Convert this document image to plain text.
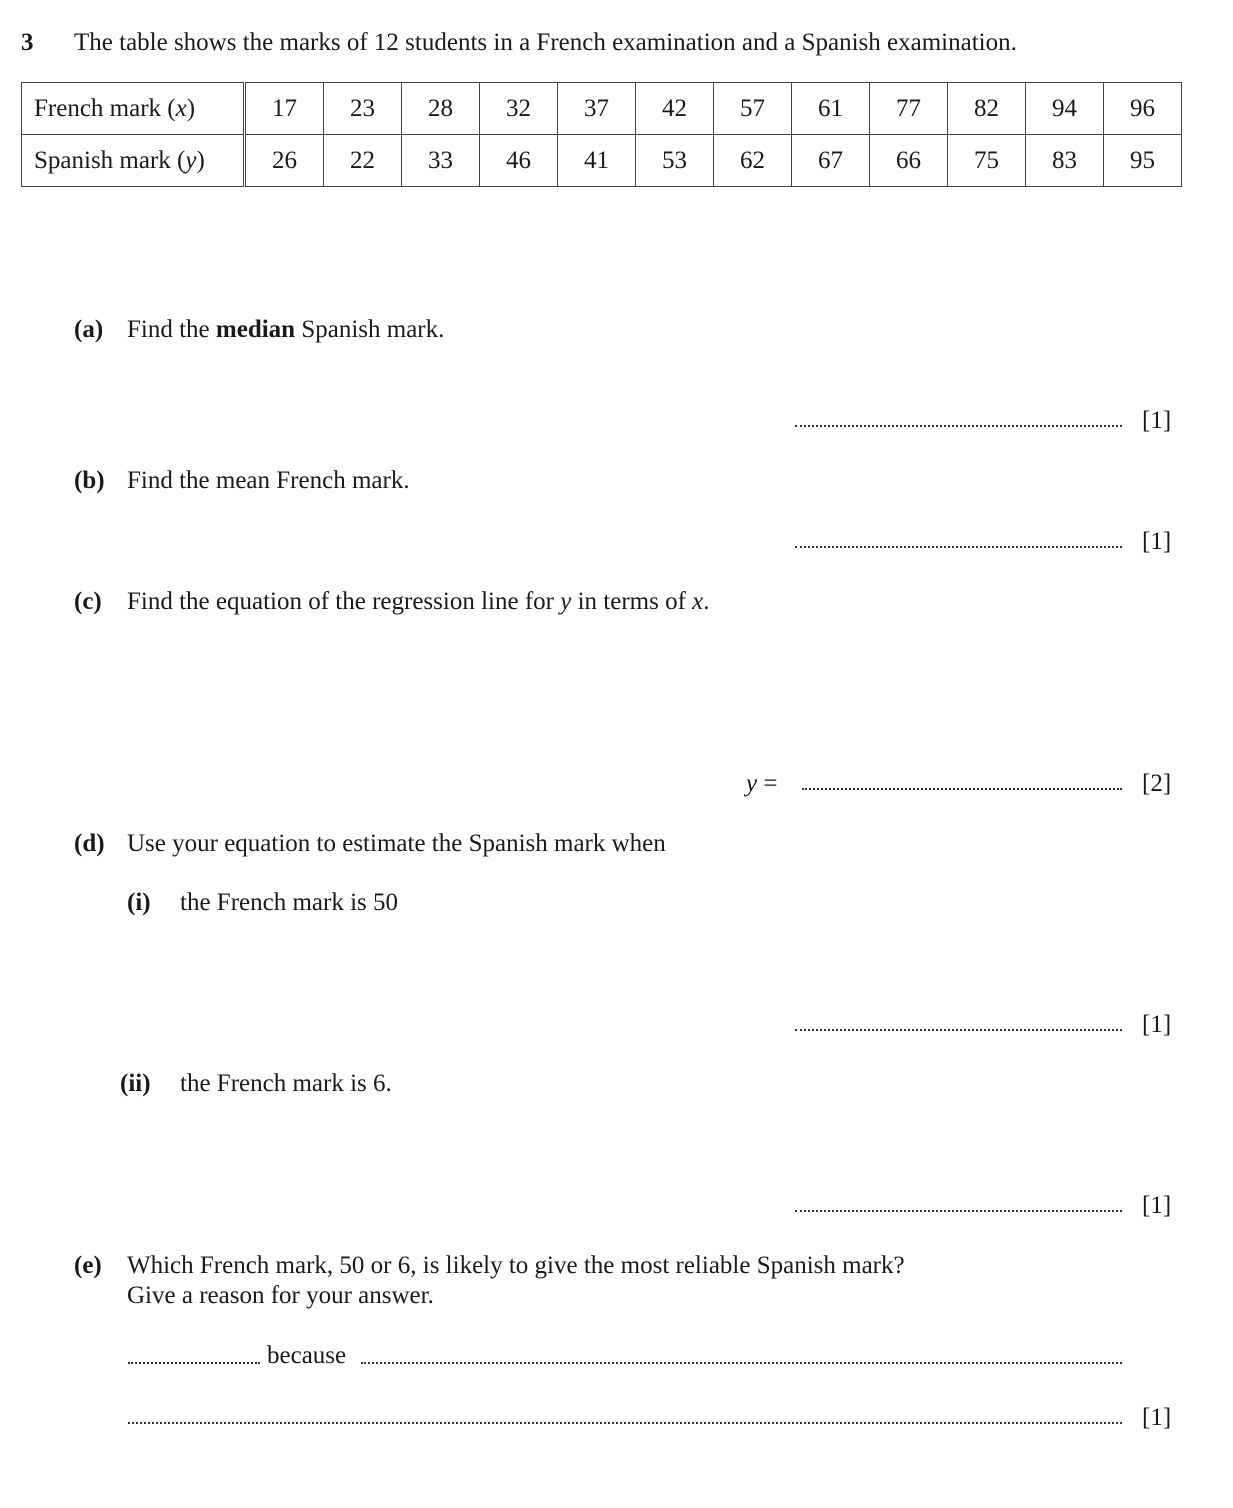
3 The table shows the marks of 12 students in a French examination and a Spanish examination.
French mark (x)	17	23	28	32	37	42	57	61	77	82	94	96
Spanish mark (y)	26	22	33	46	41	53	62	67	66	75	83	95
(a) Find the median Spanish mark.
[1]
(b) Find the mean French mark.
[1]
(c) Find the equation of the regression line for y in terms of x.
y =	[2]
(d) Use your equation to estimate the Spanish mark when
(i) the French mark is 50
[1]
(ii) the French mark is 6.
[1]
(e) Which French mark, 50 or 6, is likely to give the most reliable Spanish mark?
Give a reason for your answer.
because
[1]
